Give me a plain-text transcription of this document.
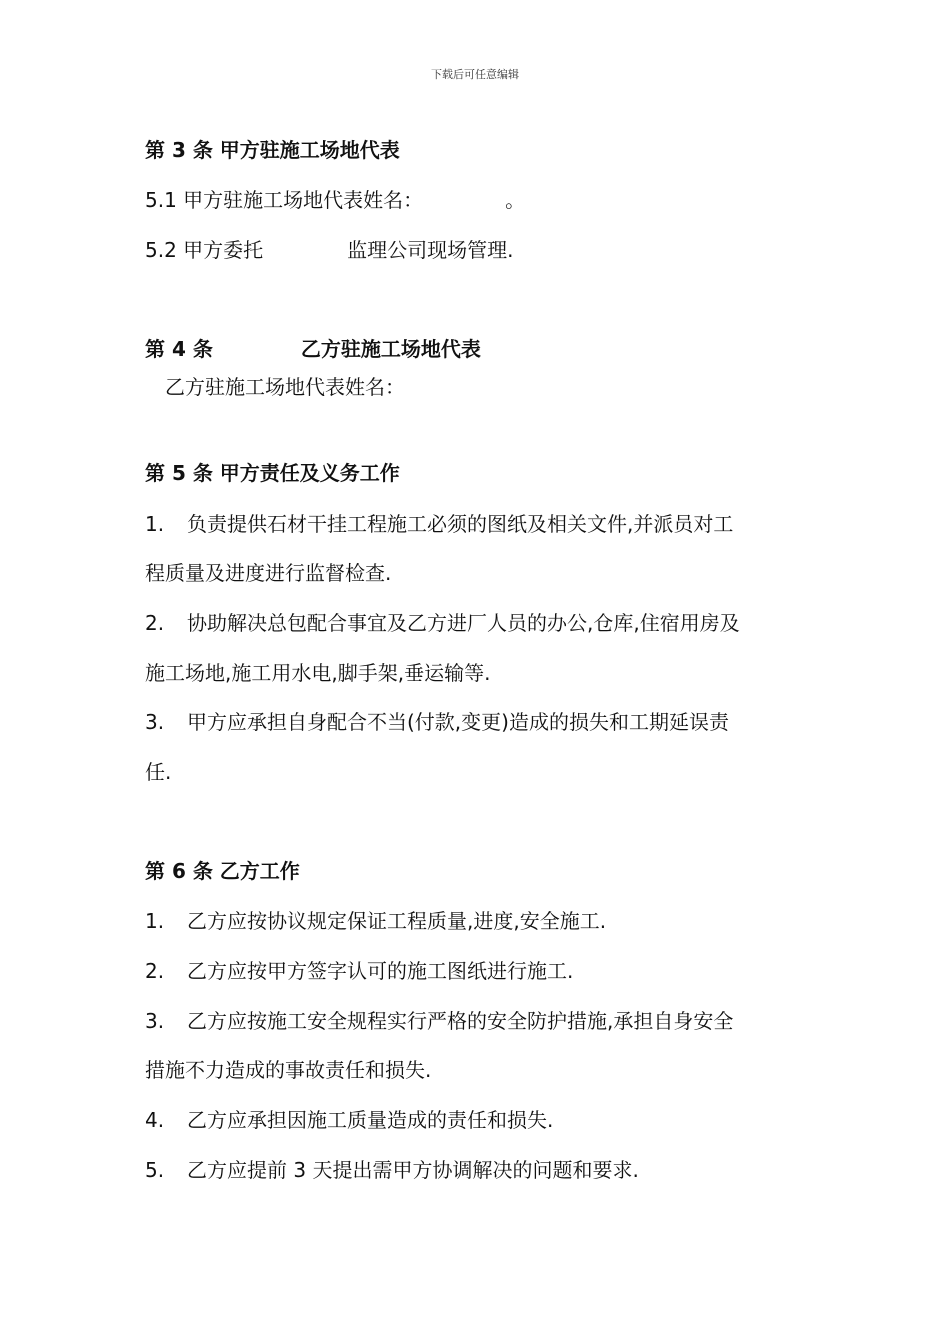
下载后可任意编辑
第 3 条 甲方驻施工场地代表
5.1 甲方驻施工场地代表姓名：	。
5.2 甲方委托	监理公司现场管理.
第 4 条	乙方驻施工场地代表
乙方驻施工场地代表姓名：
第 5 条 甲方责任及义务工作
1. 负责提供石材干挂工程施工必须的图纸及相关文件,并派员对工
程质量及进度进行监督检查.
2. 协助解决总包配合事宜及乙方进厂人员的办公,仓库,住宿用房及
施工场地,施工用水电,脚手架,垂运输等.
3. 甲方应承担自身配合不当(付款,变更)造成的损失和工期延误责
任.
第 6 条 乙方工作
1. 乙方应按协议规定保证工程质量,进度,安全施工.
2. 乙方应按甲方签字认可的施工图纸进行施工.
3. 乙方应按施工安全规程实行严格的安全防护措施,承担自身安全
措施不力造成的事故责任和损失.
4. 乙方应承担因施工质量造成的责任和损失.
5. 乙方应提前 3 天提出需甲方协调解决的问题和要求.
